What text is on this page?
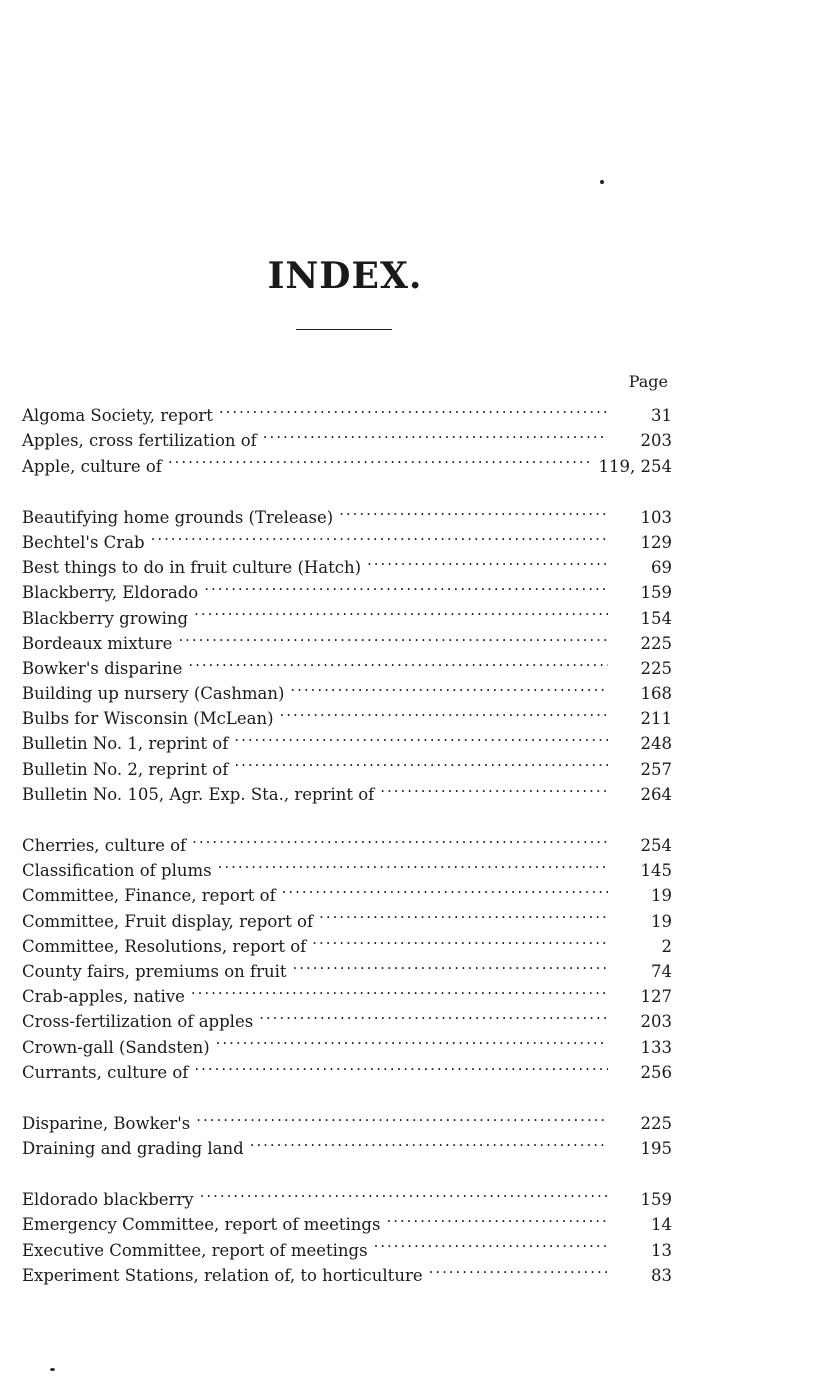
INDEX.
Page
Algoma Society, report . . .	31
Apples, cross fertilization of . . .	203
Apple, culture of . . .	119, 254
Beautifying home grounds (Trelease) . . .	103
Bechtel's Crab . . .	129
Best things to do in fruit culture (Hatch) . . .	69
Blackberry, Eldorado . . .	159
Blackberry growing . . .	154
Bordeaux mixture . . .	225
Bowker's disparine . . .	225
Building up nursery (Cashman) . . .	168
Bulbs for Wisconsin (McLean) . . .	211
Bulletin No. 1, reprint of . . .	248
Bulletin No. 2, reprint of . . .	257
Bulletin No. 105, Agr. Exp. Sta., reprint of . . .	264
Cherries, culture of . . .	254
Classification of plums . . .	145
Committee, Finance, report of . . .	19
Committee, Fruit display, report of . . .	19
Committee, Resolutions, report of . . .	2
County fairs, premiums on fruit . . .	74
Crab-apples, native . . .	127
Cross-fertilization of apples . . .	203
Crown-gall (Sandsten) . . .	133
Currants, culture of . . .	256
Disparine, Bowker's . . .	225
Draining and grading land . . .	195
Eldorado blackberry . . .	159
Emergency Committee, report of meetings . . .	14
Executive Committee, report of meetings . . .	13
Experiment Stations, relation of, to horticulture . . .	83
